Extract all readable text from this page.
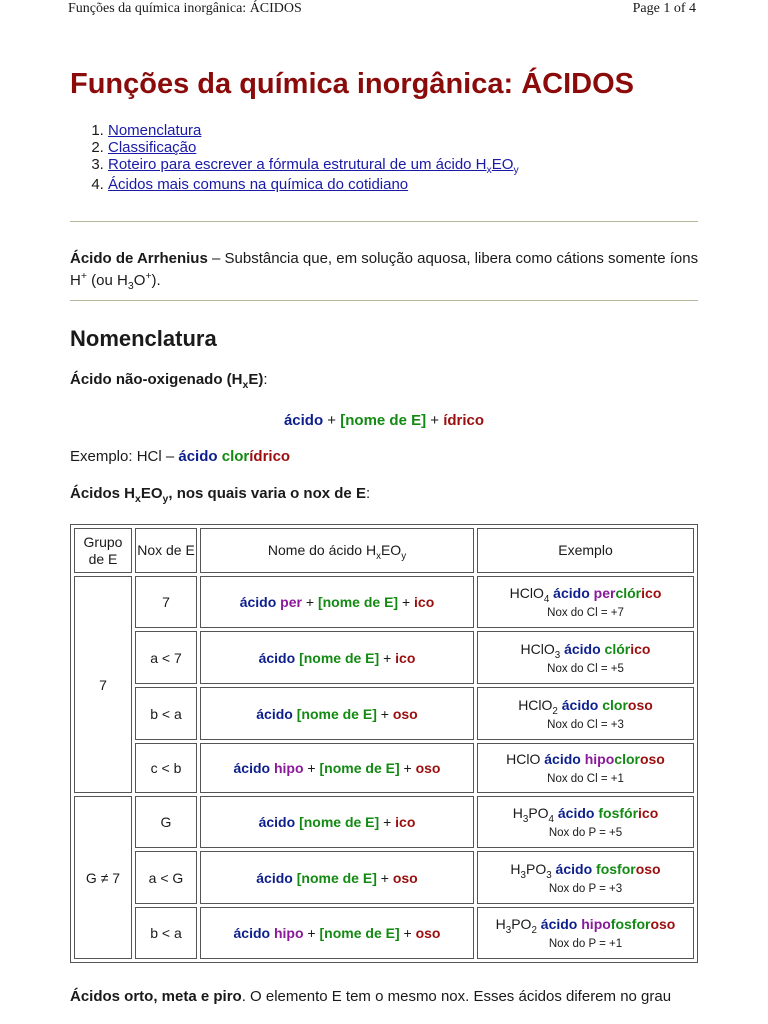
Funções da química inorgânica: ÁCIDOS	Page 1 of 4
Funções da química inorgânica: ÁCIDOS
1. Nomenclatura
2. Classificação
3. Roteiro para escrever a fórmula estrutural de um ácido $H_xEO_y$
4. Ácidos mais comuns na química do cotidiano
Ácido de Arrhenius – Substância que, em solução aquosa, libera como cátions somente íons H+ (ou $H_3O^+$).
Nomenclatura
Ácido não-oxigenado $(H_xE)$:
ácido + [nome de E] + ídrico
Exemplo: HCl – ácido clorídrico
Ácidos $H_xEO_y$, nos quais varia o nox de E:
Grupo de E	Nox de E	Nome do ácido $H_xEO_y$	Exemplo
7	7	ácido per + [nome de E] + ico	HClO$_4$ ácido perclórico
Nox do Cl = +7

	a < 7	ácido [nome de E] + ico	HClO$_3$ ácido clórico
Nox do Cl = +5

	b < a	ácido [nome de E] + oso	HClO$_2$ ácido cloroso
Nox do Cl = +3

	c < b	ácido hipo + [nome de E] + oso	HClO ácido hipocloroso
Nox do Cl = +1

G ≠ 7	G	ácido [nome de E] + ico	$H_3PO_4$ ácido fosfórico
Nox do P = +5

	a < G	ácido [nome de E] + oso	$H_3PO_3$ ácido fosforoso
Nox do P = +3

	b < a	ácido hipo + [nome de E] + oso	$H_3PO_2$ ácido hipofosforoso
Nox do P = +1
Ácidos orto, meta e piro. O elemento E tem o mesmo nox. Esses ácidos diferem no grau
